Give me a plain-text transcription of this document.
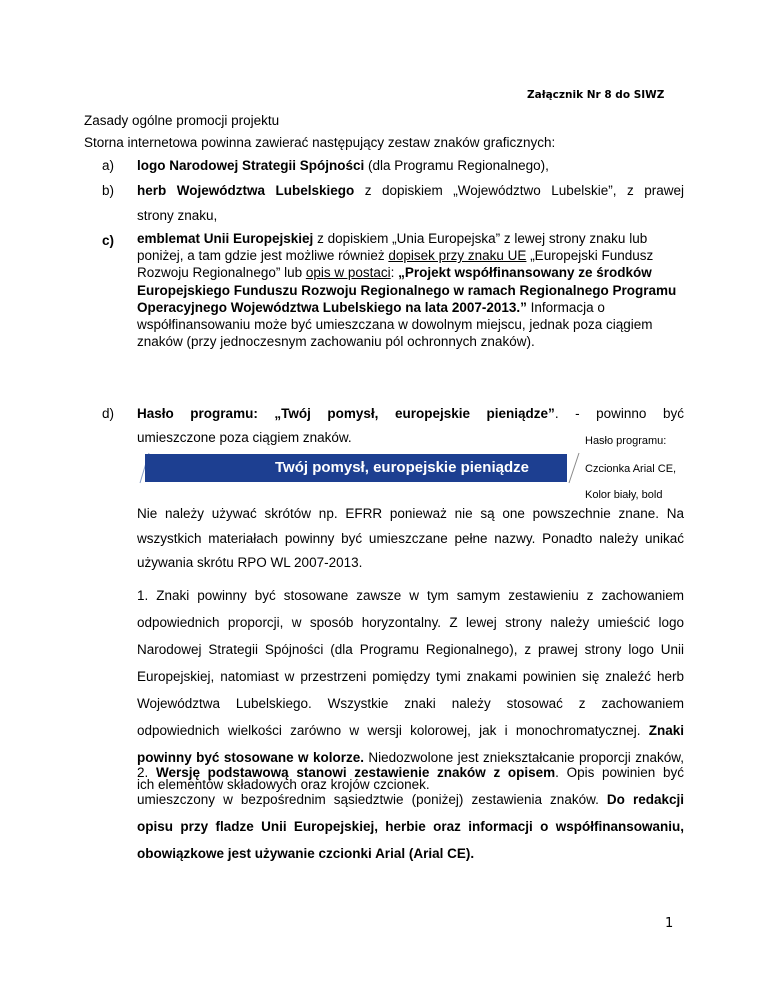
Załącznik Nr 8 do SIWZ

Zasady ogólne promocji projektu

Storna internetowa powinna zawierać następujący zestaw znaków graficznych:

a) logo Narodowej Strategii Spójności (dla Programu Regionalnego),

b) herb Województwa Lubelskiego z dopiskiem „Województwo Lubelskie”, z prawej

strony znaku,

c) emblemat Unii Europejskiej z dopiskiem „Unia Europejska” z lewej strony znaku lub poniżej, a tam gdzie jest możliwe również dopisek przy znaku UE „Europejski Fundusz Rozwoju Regionalnego” lub opis w postaci: „Projekt współfinansowany ze środków Europejskiego Funduszu Rozwoju Regionalnego w ramach Regionalnego Programu Operacyjnego Województwa Lubelskiego na lata 2007-2013.” Informacja o współfinansowaniu może być umieszczana w dowolnym miejscu, jednak poza ciągiem znaków (przy jednoczesnym zachowaniu pól ochronnych znaków).

d) Hasło programu: „Twój pomysł, europejskie pieniądze”. - powinno być

umieszczone poza ciągiem znaków.

Twój pomysł, europejskie pieniądze
Hasło programu:
Czcionka Arial CE,
Kolor biały, bold

Nie należy używać skrótów np. EFRR ponieważ nie są one powszechnie znane. Na wszystkich materiałach powinny być umieszczane pełne nazwy. Ponadto należy unikać używania skrótu RPO WL 2007-2013.

1. Znaki powinny być stosowane zawsze w tym samym zestawieniu z zachowaniem odpowiednich proporcji, w sposób horyzontalny. Z lewej strony należy umieścić logo Narodowej Strategii Spójności (dla Programu Regionalnego), z prawej strony logo Unii Europejskiej, natomiast w przestrzeni pomiędzy tymi znakami powinien się znaleźć herb Województwa Lubelskiego. Wszystkie znaki należy stosować z zachowaniem odpowiednich wielkości zarówno w wersji kolorowej, jak i monochromatycznej. Znaki powinny być stosowane w kolorze. Niedozwolone jest zniekształcanie proporcji znaków, ich elementów składowych oraz krojów czcionek.

2. Wersję podstawową stanowi zestawienie znaków z opisem. Opis powinien być umieszczony w bezpośrednim sąsiedztwie (poniżej) zestawienia znaków. Do redakcji opisu przy fladze Unii Europejskiej, herbie oraz informacji o współfinansowaniu, obowiązkowe jest używanie czcionki Arial (Arial CE).

1
